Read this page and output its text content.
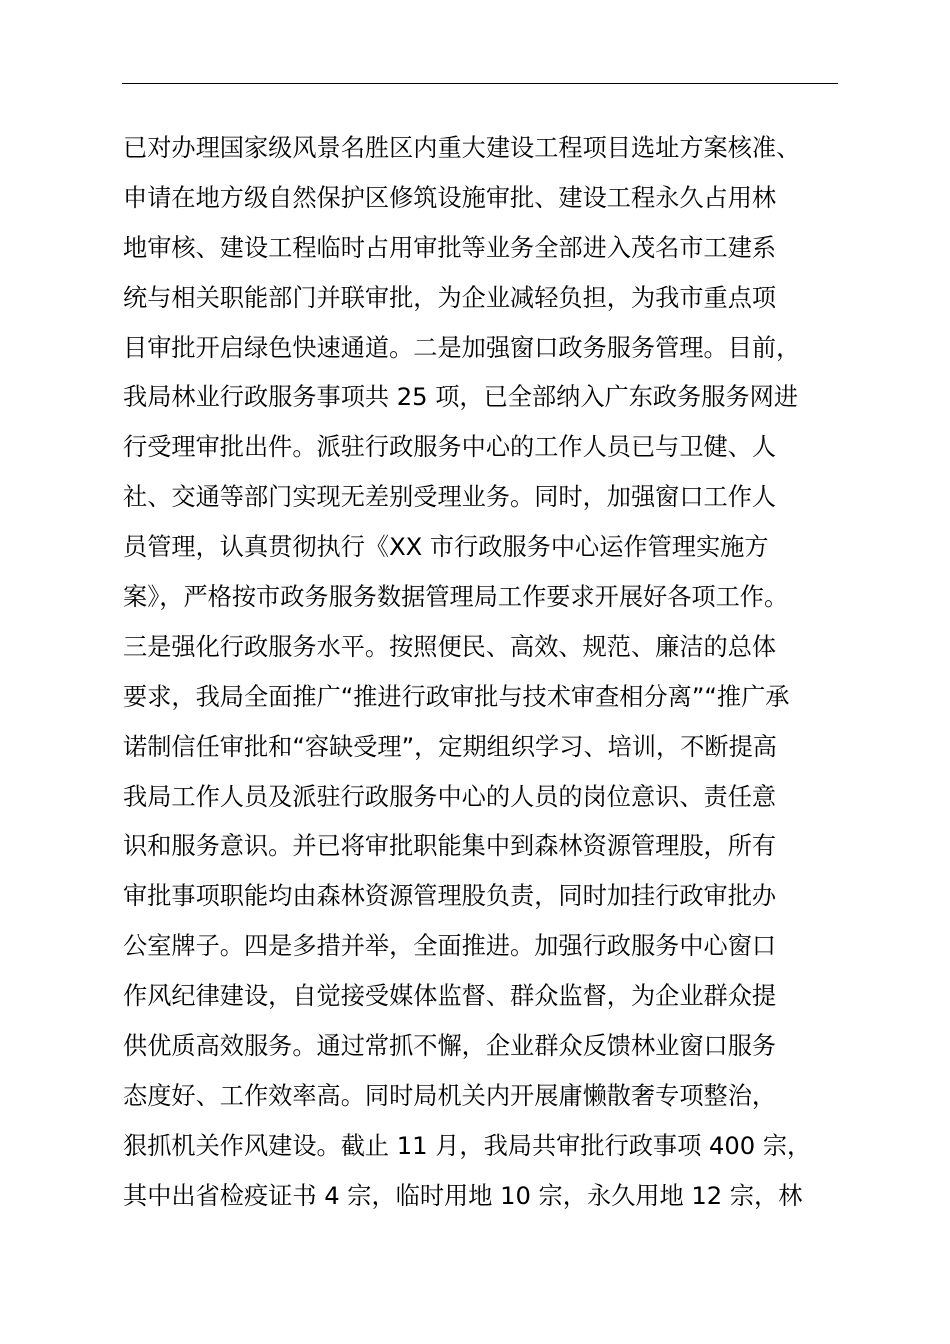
已对办理国家级风景名胜区内重大建设工程项目选址方案核准、
申请在地方级自然保护区修筑设施审批、建设工程永久占用林
地审核、建设工程临时占用审批等业务全部进入茂名市工建系
统与相关职能部门并联审批，为企业减轻负担，为我市重点项
目审批开启绿色快速通道。二是加强窗口政务服务管理。目前，
我局林业行政服务事项共 25 项，已全部纳入广东政务服务网进
行受理审批出件。派驻行政服务中心的工作人员已与卫健、人
社、交通等部门实现无差别受理业务。同时，加强窗口工作人
员管理，认真贯彻执行《XX 市行政服务中心运作管理实施方
案》，严格按市政务服务数据管理局工作要求开展好各项工作。
三是强化行政服务水平。按照便民、高效、规范、廉洁的总体
要求，我局全面推广“推进行政审批与技术审查相分离”“推广承
诺制信任审批和“容缺受理”，定期组织学习、培训，不断提高
我局工作人员及派驻行政服务中心的人员的岗位意识、责任意
识和服务意识。并已将审批职能集中到森林资源管理股，所有
审批事项职能均由森林资源管理股负责，同时加挂行政审批办
公室牌子。四是多措并举，全面推进。加强行政服务中心窗口
作风纪律建设，自觉接受媒体监督、群众监督，为企业群众提
供优质高效服务。通过常抓不懈，企业群众反馈林业窗口服务
态度好、工作效率高。同时局机关内开展庸懒散奢专项整治，
狠抓机关作风建设。截止 11 月，我局共审批行政事项 400 宗，
其中出省检疫证书 4 宗，临时用地 10 宗，永久用地 12 宗，林
